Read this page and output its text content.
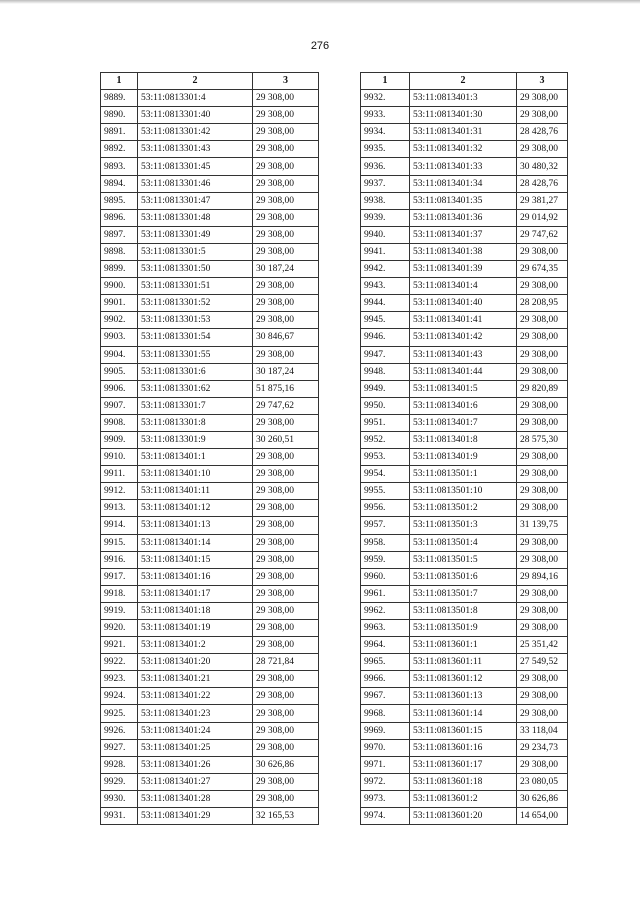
276
1	2	3
9889.	53:11:0813301:4	29 308,00
9890.	53:11:0813301:40	29 308,00
9891.	53:11:0813301:42	29 308,00
9892.	53:11:0813301:43	29 308,00
9893.	53:11:0813301:45	29 308,00
9894.	53:11:0813301:46	29 308,00
9895.	53:11:0813301:47	29 308,00
9896.	53:11:0813301:48	29 308,00
9897.	53:11:0813301:49	29 308,00
9898.	53:11:0813301:5	29 308,00
9899.	53:11:0813301:50	30 187,24
9900.	53:11:0813301:51	29 308,00
9901.	53:11:0813301:52	29 308,00
9902.	53:11:0813301:53	29 308,00
9903.	53:11:0813301:54	30 846,67
9904.	53:11:0813301:55	29 308,00
9905.	53:11:0813301:6	30 187,24
9906.	53:11:0813301:62	51 875,16
9907.	53:11:0813301:7	29 747,62
9908.	53:11:0813301:8	29 308,00
9909.	53:11:0813301:9	30 260,51
9910.	53:11:0813401:1	29 308,00
9911.	53:11:0813401:10	29 308,00
9912.	53:11:0813401:11	29 308,00
9913.	53:11:0813401:12	29 308,00
9914.	53:11:0813401:13	29 308,00
9915.	53:11:0813401:14	29 308,00
9916.	53:11:0813401:15	29 308,00
9917.	53:11:0813401:16	29 308,00
9918.	53:11:0813401:17	29 308,00
9919.	53:11:0813401:18	29 308,00
9920.	53:11:0813401:19	29 308,00
9921.	53:11:0813401:2	29 308,00
9922.	53:11:0813401:20	28 721,84
9923.	53:11:0813401:21	29 308,00
9924.	53:11:0813401:22	29 308,00
9925.	53:11:0813401:23	29 308,00
9926.	53:11:0813401:24	29 308,00
9927.	53:11:0813401:25	29 308,00
9928.	53:11:0813401:26	30 626,86
9929.	53:11:0813401:27	29 308,00
9930.	53:11:0813401:28	29 308,00
9931.	53:11:0813401:29	32 165,53
1	2	3
9932.	53:11:0813401:3	29 308,00
9933.	53:11:0813401:30	29 308,00
9934.	53:11:0813401:31	28 428,76
9935.	53:11:0813401:32	29 308,00
9936.	53:11:0813401:33	30 480,32
9937.	53:11:0813401:34	28 428,76
9938.	53:11:0813401:35	29 381,27
9939.	53:11:0813401:36	29 014,92
9940.	53:11:0813401:37	29 747,62
9941.	53:11:0813401:38	29 308,00
9942.	53:11:0813401:39	29 674,35
9943.	53:11:0813401:4	29 308,00
9944.	53:11:0813401:40	28 208,95
9945.	53:11:0813401:41	29 308,00
9946.	53:11:0813401:42	29 308,00
9947.	53:11:0813401:43	29 308,00
9948.	53:11:0813401:44	29 308,00
9949.	53:11:0813401:5	29 820,89
9950.	53:11:0813401:6	29 308,00
9951.	53:11:0813401:7	29 308,00
9952.	53:11:0813401:8	28 575,30
9953.	53:11:0813401:9	29 308,00
9954.	53:11:0813501:1	29 308,00
9955.	53:11:0813501:10	29 308,00
9956.	53:11:0813501:2	29 308,00
9957.	53:11:0813501:3	31 139,75
9958.	53:11:0813501:4	29 308,00
9959.	53:11:0813501:5	29 308,00
9960.	53:11:0813501:6	29 894,16
9961.	53:11:0813501:7	29 308,00
9962.	53:11:0813501:8	29 308,00
9963.	53:11:0813501:9	29 308,00
9964.	53:11:0813601:1	25 351,42
9965.	53:11:0813601:11	27 549,52
9966.	53:11:0813601:12	29 308,00
9967.	53:11:0813601:13	29 308,00
9968.	53:11:0813601:14	29 308,00
9969.	53:11:0813601:15	33 118,04
9970.	53:11:0813601:16	29 234,73
9971.	53:11:0813601:17	29 308,00
9972.	53:11:0813601:18	23 080,05
9973.	53:11:0813601:2	30 626,86
9974.	53:11:0813601:20	14 654,00
